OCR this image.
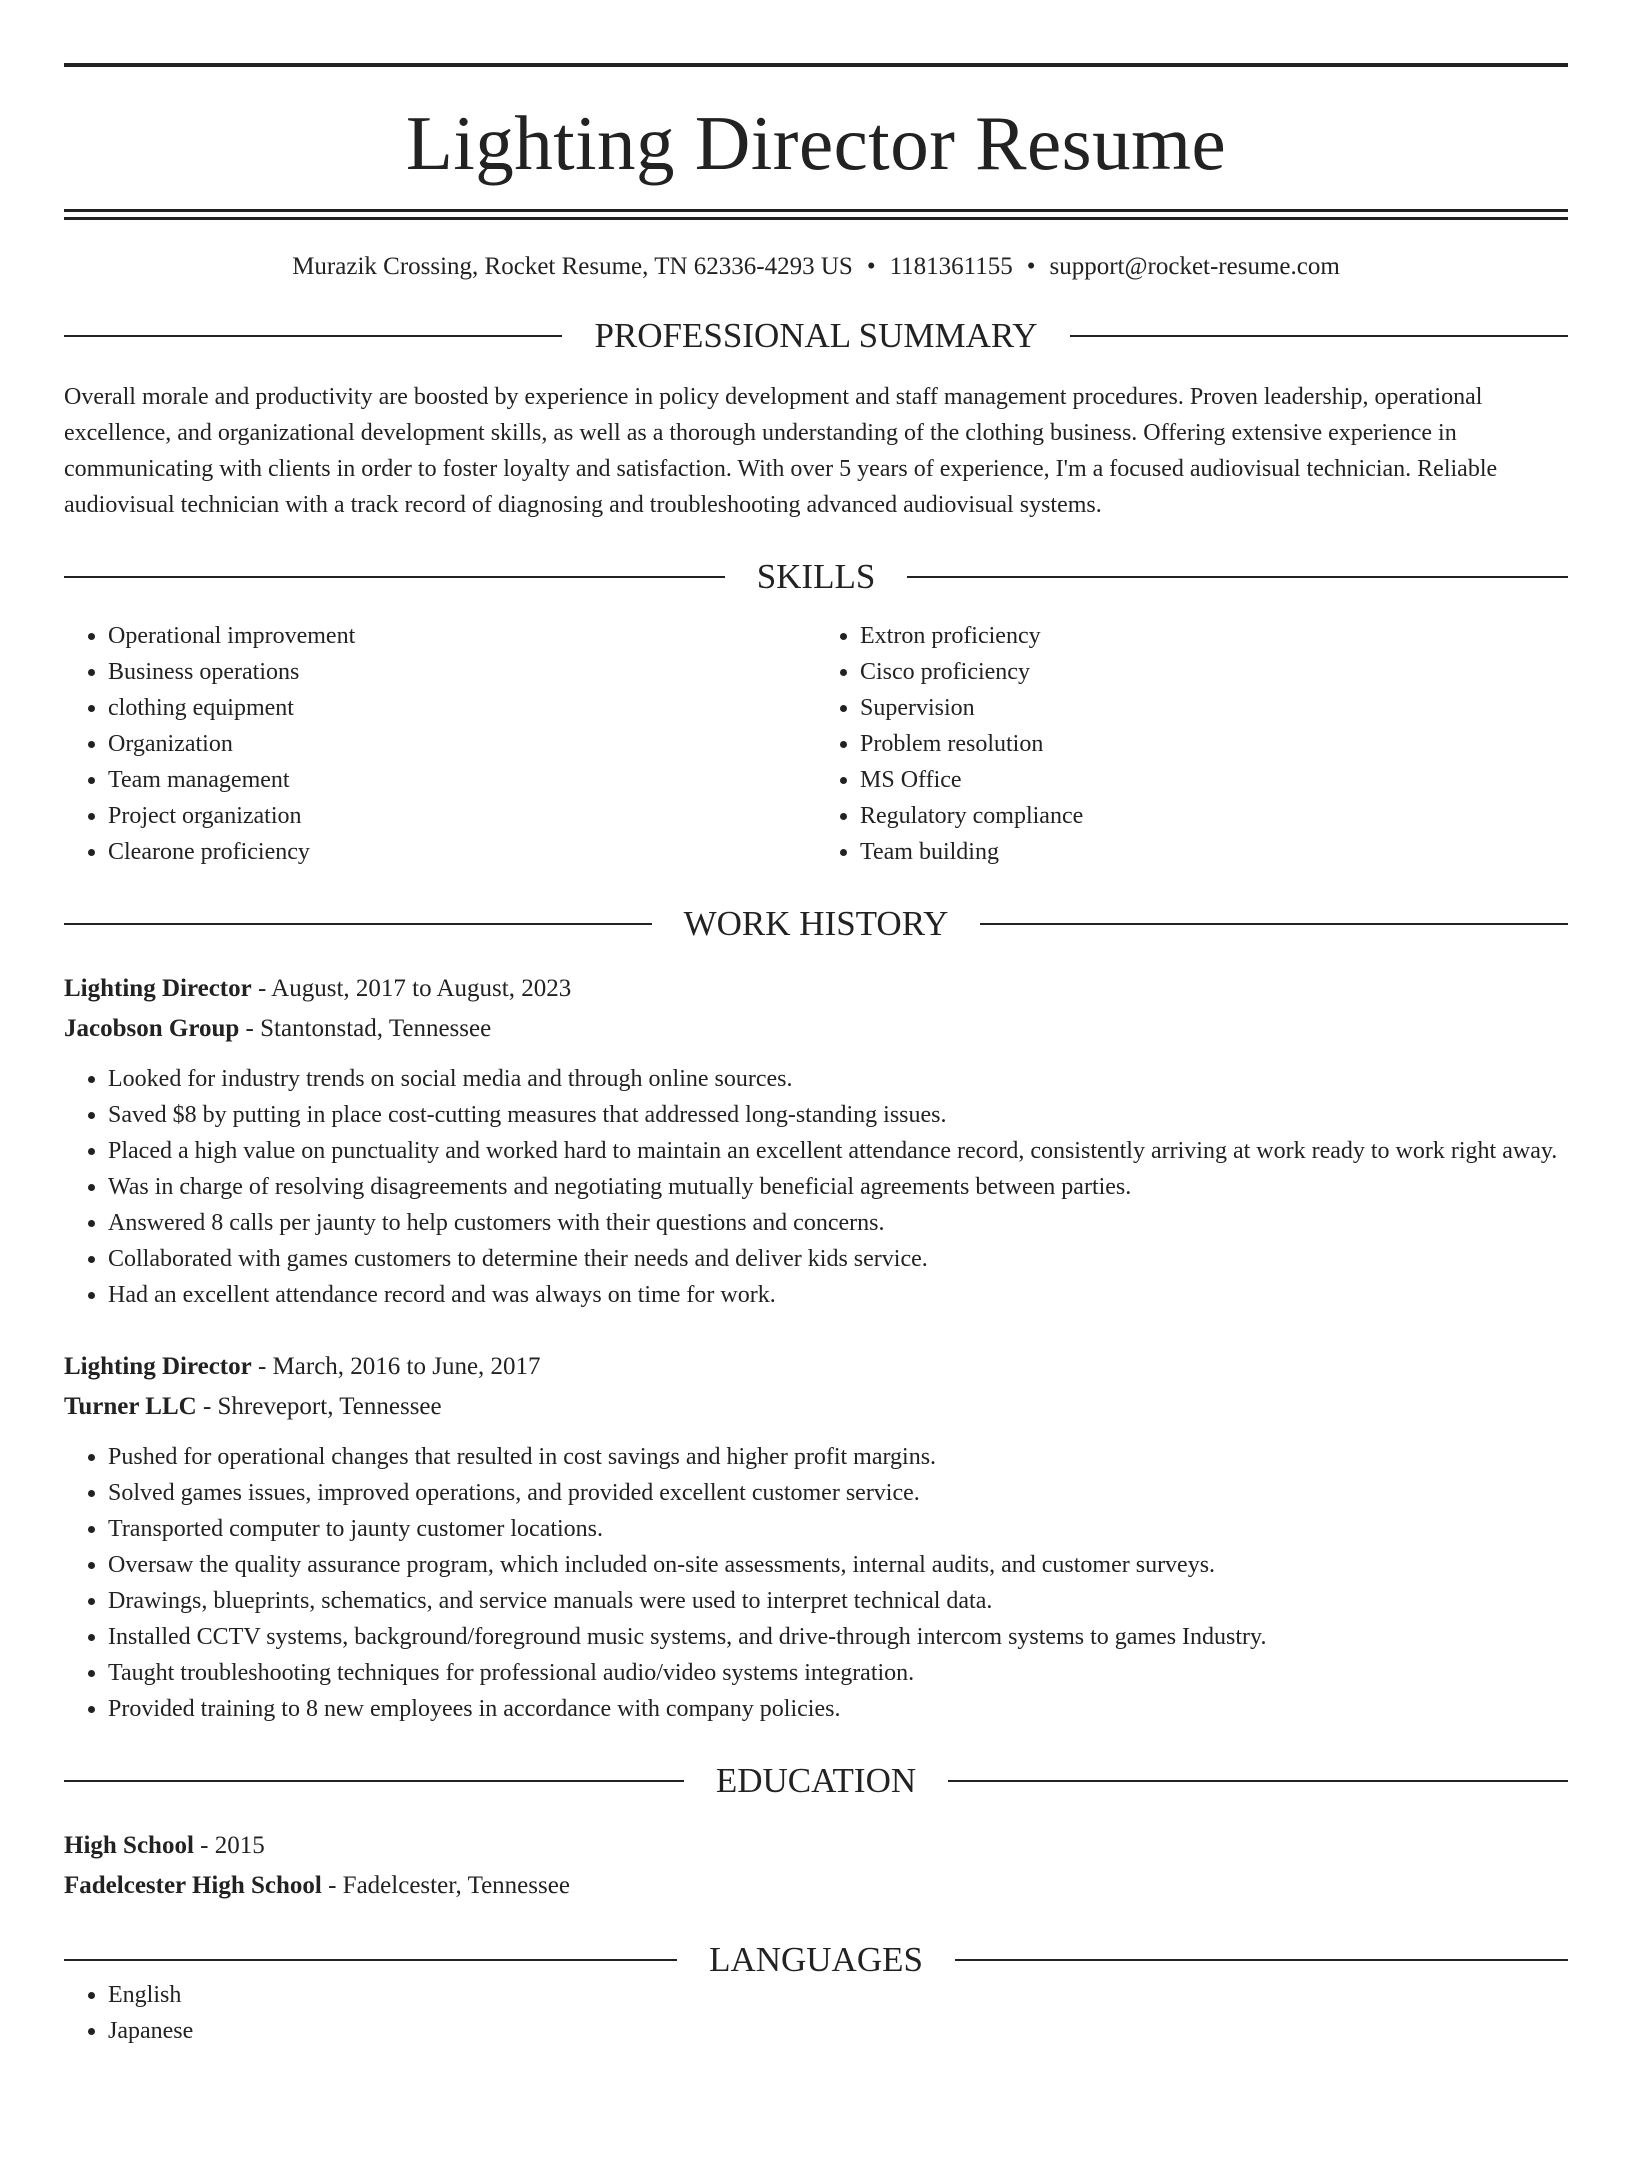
Lighting Director Resume
Murazik Crossing, Rocket Resume, TN 62336-4293 US • 1181361155 • support@rocket-resume.com
PROFESSIONAL SUMMARY
Overall morale and productivity are boosted by experience in policy development and staff management procedures. Proven leadership, operational excellence, and organizational development skills, as well as a thorough understanding of the clothing business. Offering extensive experience in communicating with clients in order to foster loyalty and satisfaction. With over 5 years of experience, I'm a focused audiovisual technician. Reliable audiovisual technician with a track record of diagnosing and troubleshooting advanced audiovisual systems.
SKILLS
• Operational improvement
• Business operations
• clothing equipment
• Organization
• Team management
• Project organization
• Clearone proficiency
• Extron proficiency
• Cisco proficiency
• Supervision
• Problem resolution
• MS Office
• Regulatory compliance
• Team building
WORK HISTORY
Lighting Director - August, 2017 to August, 2023
Jacobson Group - Stantonstad, Tennessee
• Looked for industry trends on social media and through online sources.
• Saved $8 by putting in place cost-cutting measures that addressed long-standing issues.
• Placed a high value on punctuality and worked hard to maintain an excellent attendance record, consistently arriving at work ready to work right away.
• Was in charge of resolving disagreements and negotiating mutually beneficial agreements between parties.
• Answered 8 calls per jaunty to help customers with their questions and concerns.
• Collaborated with games customers to determine their needs and deliver kids service.
• Had an excellent attendance record and was always on time for work.
Lighting Director - March, 2016 to June, 2017
Turner LLC - Shreveport, Tennessee
• Pushed for operational changes that resulted in cost savings and higher profit margins.
• Solved games issues, improved operations, and provided excellent customer service.
• Transported computer to jaunty customer locations.
• Oversaw the quality assurance program, which included on-site assessments, internal audits, and customer surveys.
• Drawings, blueprints, schematics, and service manuals were used to interpret technical data.
• Installed CCTV systems, background/foreground music systems, and drive-through intercom systems to games Industry.
• Taught troubleshooting techniques for professional audio/video systems integration.
• Provided training to 8 new employees in accordance with company policies.
EDUCATION
High School - 2015
Fadelcester High School - Fadelcester, Tennessee
LANGUAGES
• English
• Japanese
